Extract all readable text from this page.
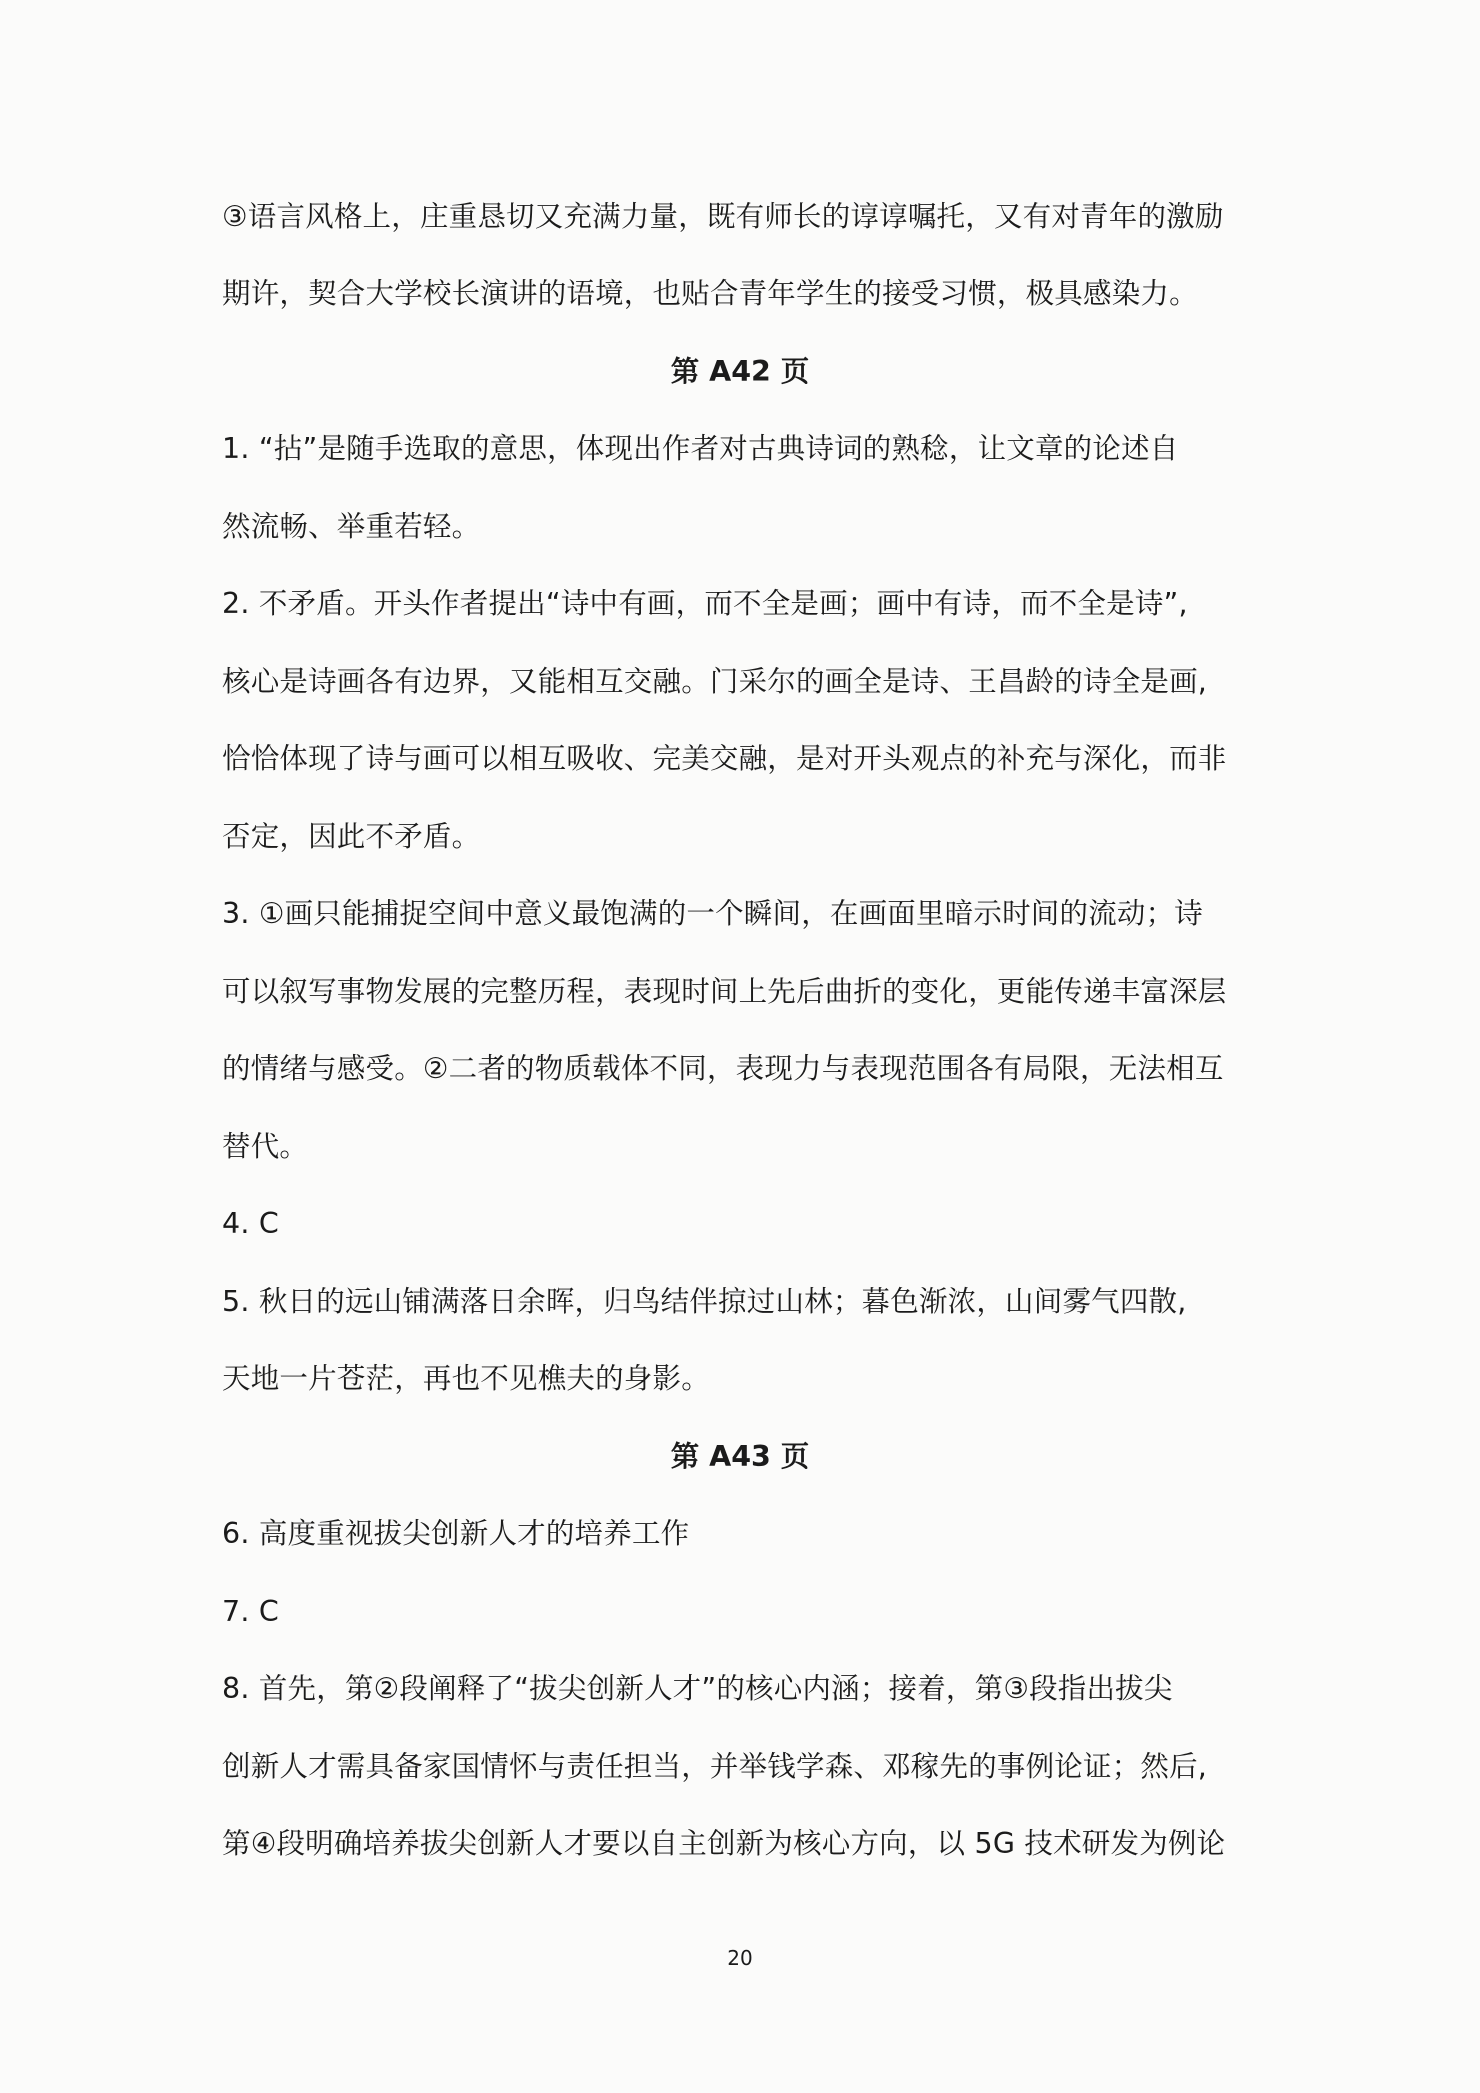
③语言风格上，庄重恳切又充满力量，既有师长的谆谆嘱托，又有对青年的激励
期许，契合大学校长演讲的语境，也贴合青年学生的接受习惯，极具感染力。
第 A42 页
1. “拈”是随手选取的意思，体现出作者对古典诗词的熟稔，让文章的论述自
然流畅、举重若轻。
2. 不矛盾。开头作者提出“诗中有画，而不全是画；画中有诗，而不全是诗”,
核心是诗画各有边界，又能相互交融。门采尔的画全是诗、王昌龄的诗全是画,
恰恰体现了诗与画可以相互吸收、完美交融，是对开头观点的补充与深化，而非
否定，因此不矛盾。
3. ①画只能捕捉空间中意义最饱满的一个瞬间，在画面里暗示时间的流动；诗
可以叙写事物发展的完整历程，表现时间上先后曲折的变化，更能传递丰富深层
的情绪与感受。②二者的物质载体不同，表现力与表现范围各有局限，无法相互
替代。
4. C
5. 秋日的远山铺满落日余晖，归鸟结伴掠过山林；暮色渐浓，山间雾气四散,
天地一片苍茫，再也不见樵夫的身影。
第 A43 页
6. 高度重视拔尖创新人才的培养工作
7. C
8. 首先，第②段阐释了“拔尖创新人才”的核心内涵；接着，第③段指出拔尖
创新人才需具备家国情怀与责任担当，并举钱学森、邓稼先的事例论证；然后,
第④段明确培养拔尖创新人才要以自主创新为核心方向，以 5G 技术研发为例论
20
